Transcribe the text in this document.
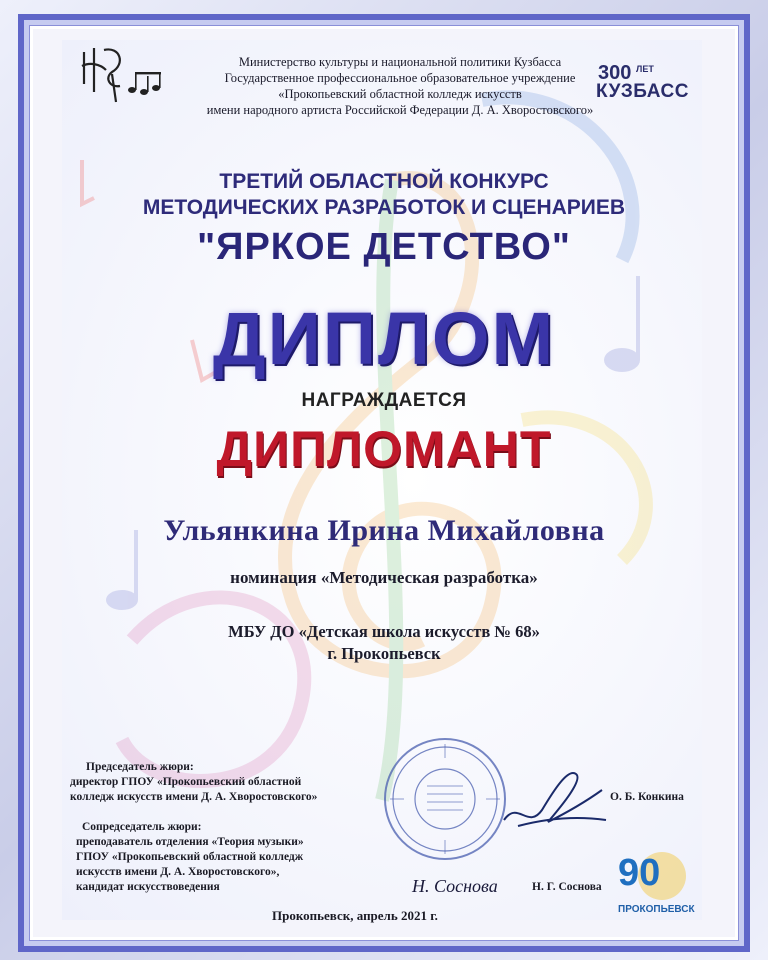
Министерство культуры и национальной политики Кузбасса
Государственное профессиональное образовательное учреждение
«Прокопьевский областной колледж искусств
имени народного артиста Российской Федерации Д. А. Хворостовского»
300 ЛЕТ
КУЗБАСС
ТРЕТИЙ ОБЛАСТНОЙ КОНКУРС
МЕТОДИЧЕСКИХ РАЗРАБОТОК И СЦЕНАРИЕВ
"ЯРКОЕ ДЕТСТВО"
ДИПЛОМ
НАГРАЖДАЕТСЯ
ДИПЛОМАНТ
Ульянкина Ирина Михайловна
номинация «Методическая разработка»
МБУ ДО «Детская школа искусств № 68»
г. Прокопьевск
Н. Соснова
Председатель жюри:
директор ГПОУ «Прокопьевский областной
колледж искусств имени Д. А. Хворостовского»	О. Б. Конкина
Сопредседатель жюри:
преподаватель отделения «Теория музыки»
ГПОУ «Прокопьевский областной колледж
искусств имени Д. А. Хворостовского»,
кандидат искусствоведения	Н. Г. Соснова
Прокопьевск, апрель 2021 г.
90
ПРОКОПЬЕВСК
